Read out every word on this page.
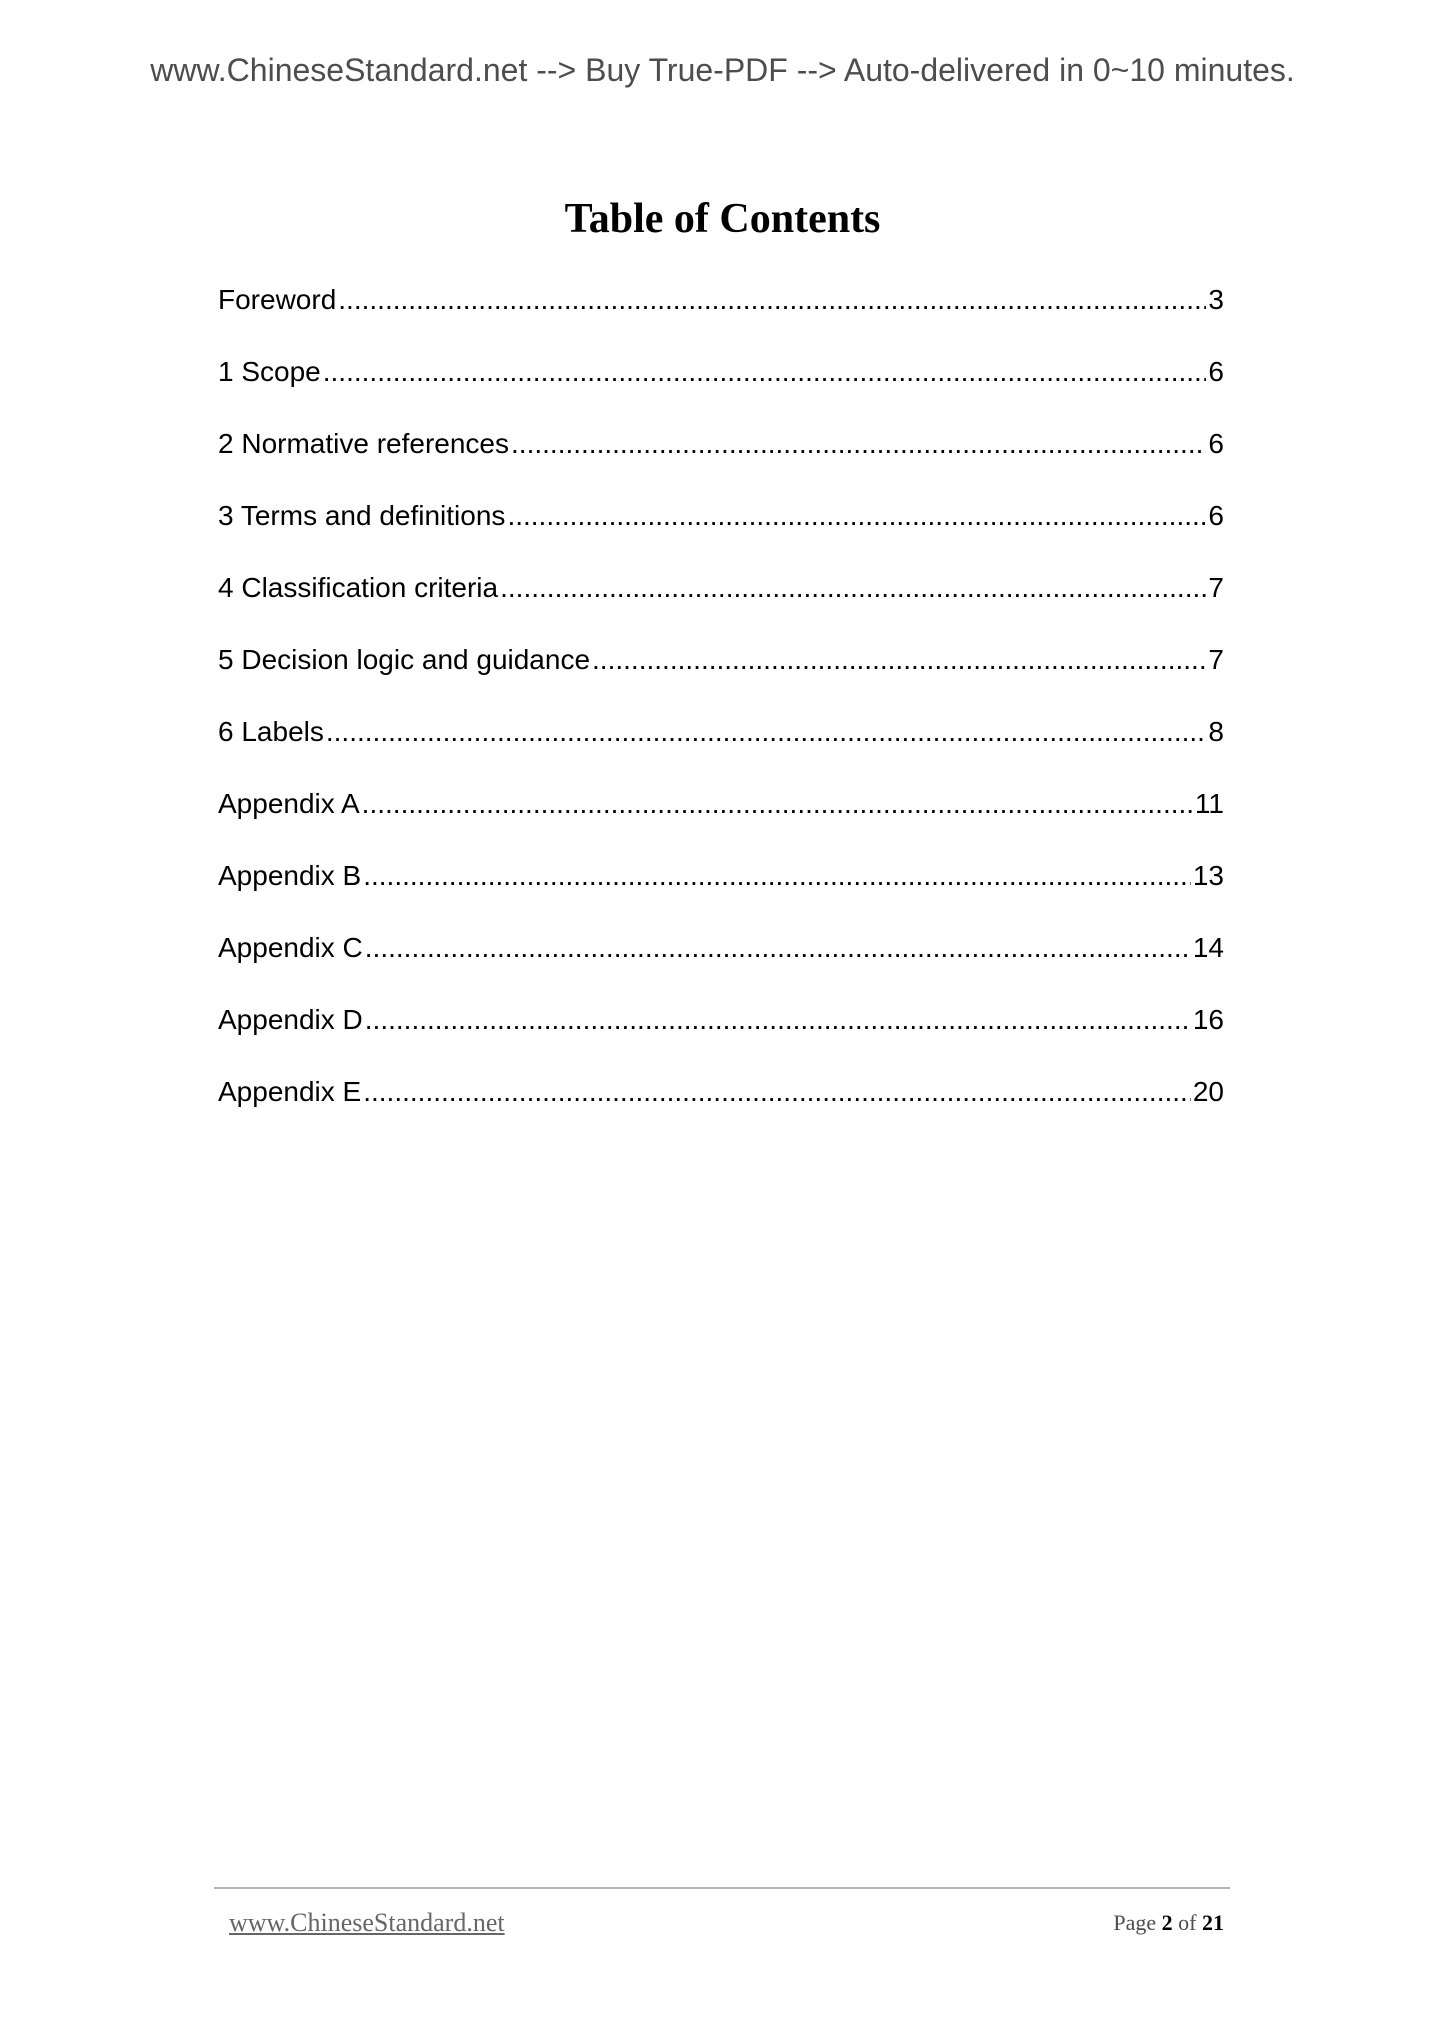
www.ChineseStandard.net --> Buy True-PDF --> Auto-delivered in 0~10 minutes.
Table of Contents
Foreword .....	3
1 Scope .....	6
2 Normative references .....	6
3 Terms and definitions .....	6
4 Classification criteria .....	7
5 Decision logic and guidance .....	7
6 Labels .....	8
Appendix A .....	11
Appendix B .....	13
Appendix C .....	14
Appendix D .....	16
Appendix E .....	20
www.ChineseStandard.net	Page 2 of 21
